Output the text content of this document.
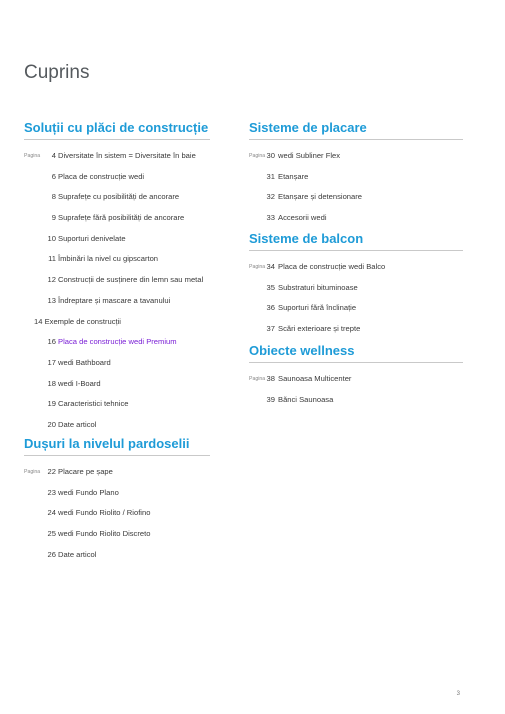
Cuprins
Soluții cu plăci de construcție
Pagina 4 Diversitate în sistem = Diversitate în baie
6 Placa de construcție wedi
8 Suprafețe cu posibilități de ancorare
9 Suprafețe fără posibilități de ancorare
10 Suporturi denivelate
11 Îmbinări la nivel cu gipscarton
12 Construcții de susținere din lemn sau metal
13 Îndreptare și mascare a tavanului
14 Exemple de construcții
16 Placa de construcție wedi Premium
17 wedi Bathboard
18 wedi I-Board
19 Caracteristici tehnice
20 Date articol
Dușuri la nivelul pardoselii
Pagina 22 Placare pe șape
23 wedi Fundo Plano
24 wedi Fundo Riolito / Riofino
25 wedi Fundo Riolito Discreto
26 Date articol
Sisteme de placare
Pagina 30 wedi Subliner Flex
31 Etanșare
32 Etanșare și detensionare
33 Accesorii wedi
Sisteme de balcon
Pagina 34 Placa de construcție wedi Balco
35 Substraturi bituminoase
36 Suporturi fără înclinație
37 Scări exterioare și trepte
Obiecte wellness
Pagina 38 Saunoasa Multicenter
39 Bănci Saunoasa
3
